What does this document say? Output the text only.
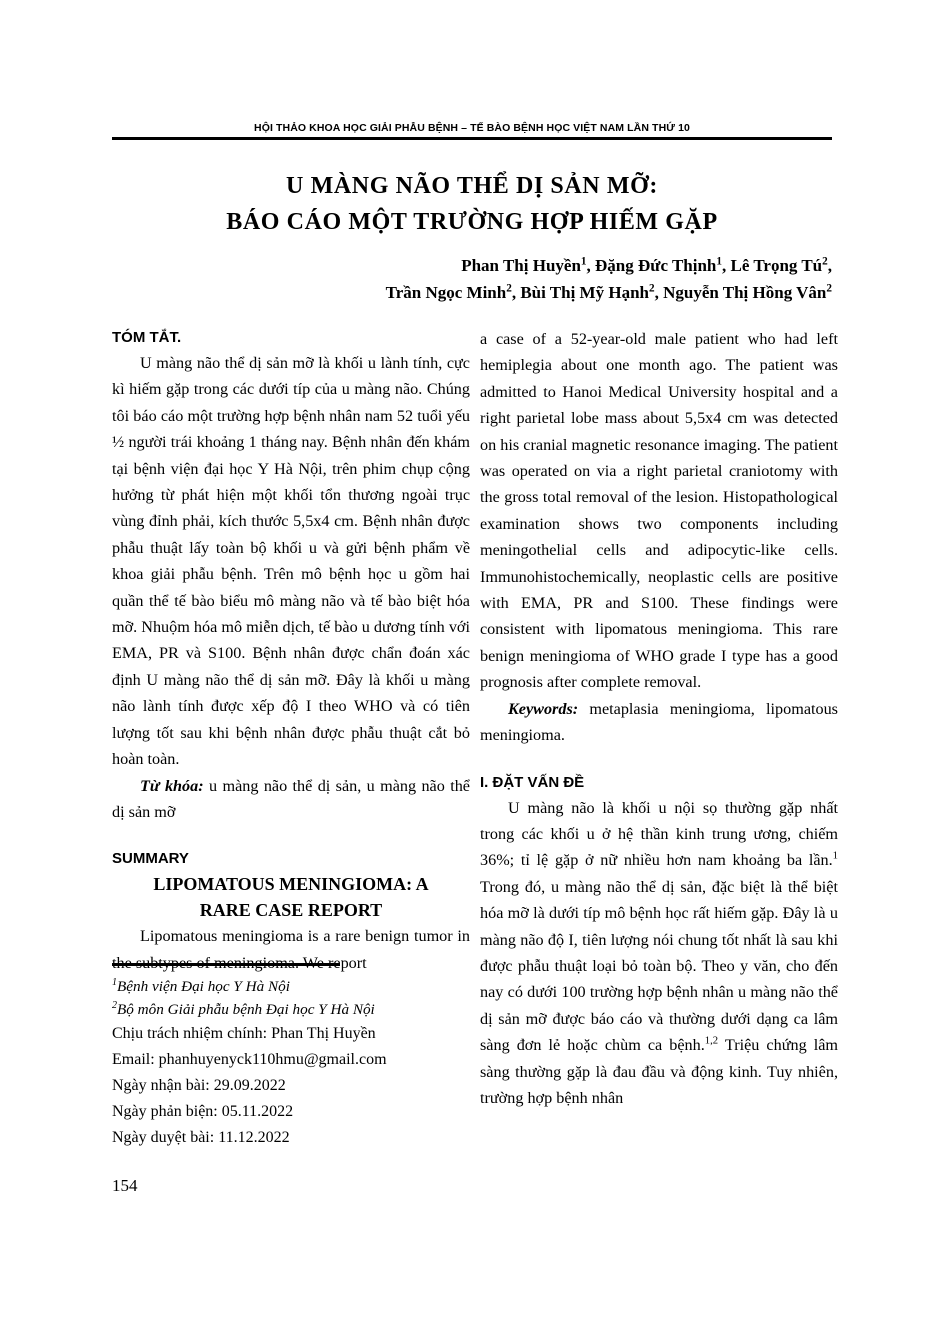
HỘI THẢO KHOA HỌC GIẢI PHẪU BỆNH – TẾ BÀO BỆNH HỌC VIỆT NAM LẦN THỨ 10
U MÀNG NÃO THỂ DỊ SẢN MỠ:
BÁO CÁO MỘT TRƯỜNG HỢP HIẾM GẶP
Phan Thị Huyền$^1$, Đặng Đức Thịnh$^1$, Lê Trọng $Tú^2$,
Trần Ngọc Minh$^2$, Bùi Thị Mỹ Hạnh$^2$, Nguyễn Thị Hồng Vân$^2$

TÓM TẮT.

U màng não thể dị sản mỡ là khối u lành tính, cực kì hiếm gặp trong các dưới típ của u màng não. Chúng tôi báo cáo một trường hợp bệnh nhân nam 52 tuổi yếu ½ người trái khoảng 1 tháng nay. Bệnh nhân đến khám tại bệnh viện đại học Y Hà Nội, trên phim chụp cộng hưởng từ phát hiện một khối tổn thương ngoài trục vùng đỉnh phải, kích thước 5,5x4 cm. Bệnh nhân được phẫu thuật lấy toàn bộ khối u và gửi bệnh phẩm về khoa giải phẫu bệnh. Trên mô bệnh học u gồm hai quần thể tế bào biểu mô màng não và tế bào biệt hóa mỡ. Nhuộm hóa mô miễn dịch, tế bào u dương tính với EMA, PR và S100. Bệnh nhân được chẩn đoán xác định U màng não thể dị sản mỡ. Đây là khối u màng não lành tính được xếp độ I theo WHO và có tiên lượng tốt sau khi bệnh nhân được phẫu thuật cắt bỏ hoàn toàn.

Từ khóa: u màng não thể dị sản, u màng não thể dị sản mỡ

SUMMARY

LIPOMATOUS MENINGIOMA: A

RARE CASE REPORT

Lipomatous meningioma is a rare benign tumor in the subtypes of meningioma. We report

a case of a 52-year-old male patient who had left hemiplegia about one month ago. The patient was admitted to Hanoi Medical University hospital and a right parietal lobe mass about 5,5x4 cm was detected on his cranial magnetic resonance imaging. The patient was operated on via a right parietal craniotomy with the gross total removal of the lesion. Histopathological examination shows two components including meningothelial cells and adipocytic-like cells. Immunohistochemically, neoplastic cells are positive with EMA, PR and S100. These findings were consistent with lipomatous meningioma. This rare benign meningioma of WHO grade I type has a good prognosis after complete removal.

Keywords: metaplasia meningioma, lipomatous meningioma.

I. ĐẶT VẤN ĐỀ

U màng não là khối u nội sọ thường gặp nhất trong các khối u ở hệ thần kinh trung ương, chiếm 36%; tỉ lệ gặp ở nữ nhiều hơn nam khoảng ba lần.$^1$ Trong đó, u màng não thể dị sản, đặc biệt là thể biệt hóa mỡ là dưới típ mô bệnh học rất hiếm gặp. Đây là u màng não độ I, tiên lượng nói chung tốt nhất là sau khi được phẫu thuật loại bỏ toàn bộ. Theo y văn, cho đến nay có dưới 100 trường hợp bệnh nhân u màng não thể dị sản mỡ được báo cáo và thường dưới dạng ca lâm sàng đơn lẻ hoặc chùm ca bệnh.$^{1,2}$ Triệu chứng lâm sàng thường gặp là đau đầu và động kinh. Tuy nhiên, trường hợp bệnh nhân

$^1$Bệnh viện Đại học Y Hà Nội

$^2$Bộ môn Giải phẫu bệnh Đại học Y Hà Nội

Chịu trách nhiệm chính: Phan Thị Huyền

Email: phanhuyenyck110hmu@gmail.com

Ngày nhận bài: 29.09.2022

Ngày phản biện: 05.11.2022

Ngày duyệt bài: 11.12.2022

154
